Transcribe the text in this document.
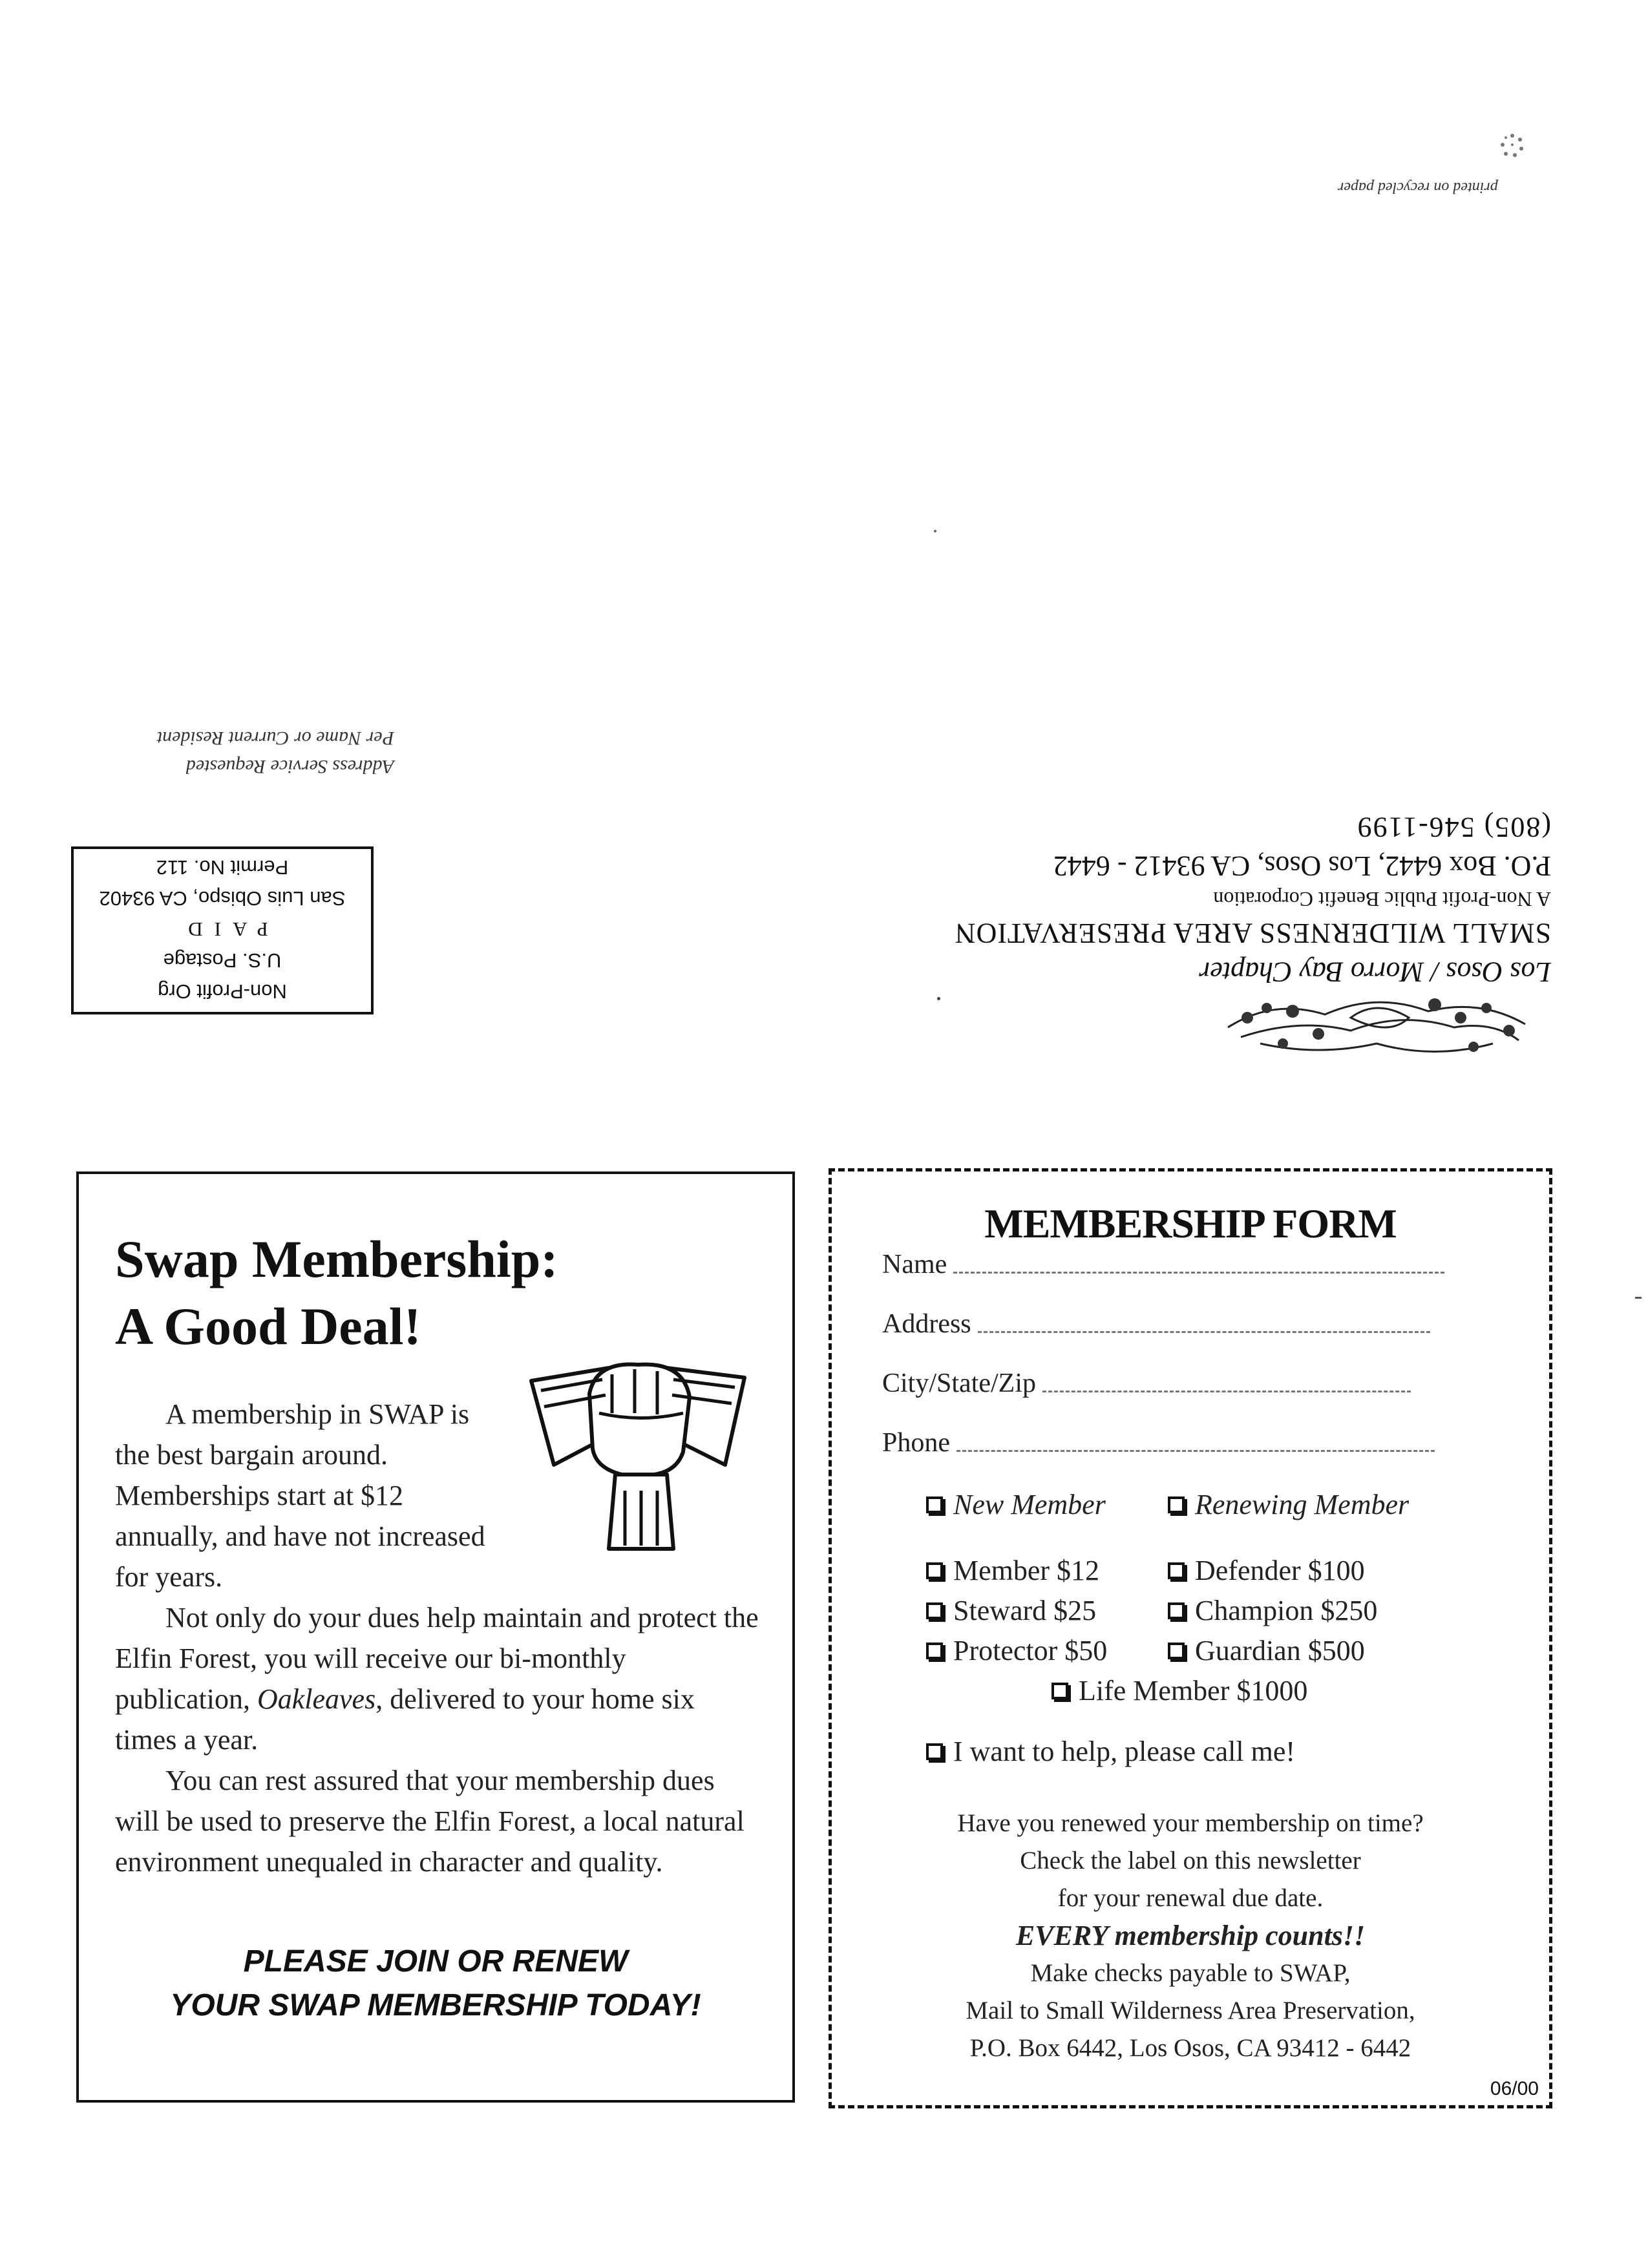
printed on recycled paper
Los Osos / Morro Bay Chapter
SMALL WILDERNESS AREA PRESERVATION
A Non-Profit Public Benefit Corporation
P.O. Box 6442, Los Osos, CA 93412 - 6442
(805) 546-1199
Address Service Requested
Per Name or Current Resident
Non-Profit Org
U.S. Postage
PAID
San Luis Obispo, CA 93402
Permit No. 112
Swap Membership:
A Good Deal!

A membership in SWAP is the best bargain around. Memberships start at $12 annually, and have not increased for years.

Not only do your dues help maintain and protect the Elfin Forest, you will receive our bi-monthly publication, Oakleaves, delivered to your home six times a year.

You can rest assured that your membership dues will be used to preserve the Elfin Forest, a local natural environment unequaled in character and quality.

PLEASE JOIN OR RENEW
YOUR SWAP MEMBERSHIP TODAY!
MEMBERSHIP FORM
Name
Address
City/State/Zip
Phone
New Member	Renewing Member
Member $12	Defender $100
Steward $25	Champion $250
Protector $50	Guardian $500
Life Member $1000
I want to help, please call me!
Have you renewed your membership on time?
Check the label on this newsletter
for your renewal due date.
EVERY membership counts!!
Make checks payable to SWAP,
Mail to Small Wilderness Area Preservation,
P.O. Box 6442, Los Osos, CA 93412 - 6442
06/00
